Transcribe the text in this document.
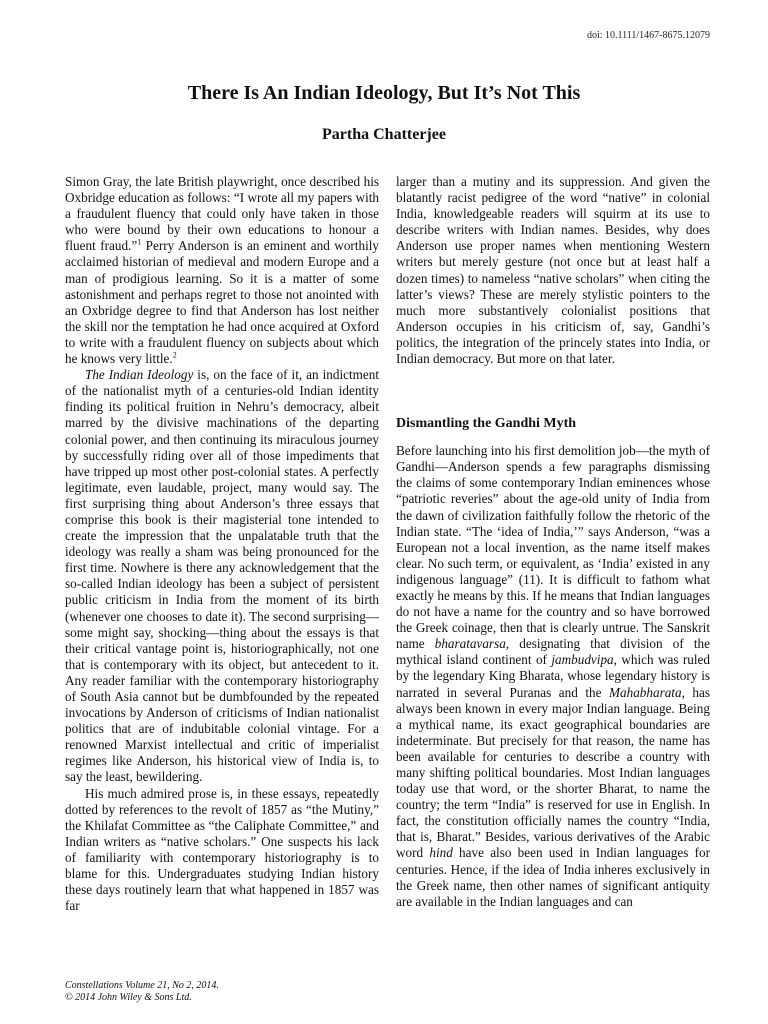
doi: 10.1111/1467-8675.12079
There Is An Indian Ideology, But It’s Not This
Partha Chatterjee

Simon Gray, the late British playwright, once described his Oxbridge education as follows: “I wrote all my papers with a fraudulent fluency that could only have taken in those who were bound by their own educations to honour a fluent fraud.”$^1$ Perry Anderson is an eminent and worthily acclaimed historian of medieval and modern Europe and a man of prodigious learning. So it is a matter of some astonishment and perhaps regret to those not anointed with an Oxbridge degree to find that Anderson has lost neither the skill nor the temptation he had once acquired at Oxford to write with a fraudulent fluency on subjects about which he knows very little.$^2$

The Indian Ideology is, on the face of it, an indictment of the nationalist myth of a centuries-old Indian identity finding its political fruition in Nehru’s democracy, albeit marred by the divisive machinations of the departing colonial power, and then continuing its miraculous journey by successfully riding over all of those impediments that have tripped up most other post-colonial states. A perfectly legitimate, even laudable, project, many would say. The first surprising thing about Anderson’s three essays that comprise this book is their magisterial tone intended to create the impression that the unpalatable truth that the ideology was really a sham was being pronounced for the first time. Nowhere is there any acknowledgement that the so-called Indian ideology has been a subject of persistent public criticism in India from the moment of its birth (whenever one chooses to date it). The second surprising—some might say, shocking—thing about the essays is that their critical vantage point is, historiographically, not one that is contemporary with its object, but antecedent to it. Any reader familiar with the contemporary historiography of South Asia cannot but be dumbfounded by the repeated invocations by Anderson of criticisms of Indian nationalist politics that are of indubitable colonial vintage. For a renowned Marxist intellectual and critic of imperialist regimes like Anderson, his historical view of India is, to say the least, bewildering.

His much admired prose is, in these essays, repeatedly dotted by references to the revolt of 1857 as “the Mutiny,” the Khilafat Committee as “the Caliphate Committee,” and Indian writers as “native scholars.” One suspects his lack of familiarity with contemporary historiography is to blame for this. Undergraduates studying Indian history these days routinely learn that what happened in 1857 was far

larger than a mutiny and its suppression. And given the blatantly racist pedigree of the word “native” in colonial India, knowledgeable readers will squirm at its use to describe writers with Indian names. Besides, why does Anderson use proper names when mentioning Western writers but merely gesture (not once but at least half a dozen times) to nameless “native scholars” when citing the latter’s views? These are merely stylistic pointers to the much more substantively colonialist positions that Anderson occupies in his criticism of, say, Gandhi’s politics, the integration of the princely states into India, or Indian democracy. But more on that later.

Dismantling the Gandhi Myth

Before launching into his first demolition job—the myth of Gandhi—Anderson spends a few paragraphs dismissing the claims of some contemporary Indian eminences whose “patriotic reveries” about the age-old unity of India from the dawn of civilization faithfully follow the rhetoric of the Indian state. “The ‘idea of India,’” says Anderson, “was a European not a local invention, as the name itself makes clear. No such term, or equivalent, as ‘India’ existed in any indigenous language” (11). It is difficult to fathom what exactly he means by this. If he means that Indian languages do not have a name for the country and so have borrowed the Greek coinage, then that is clearly untrue. The Sanskrit name bharatavarsa, designating that division of the mythical island continent of jambudvipa, which was ruled by the legendary King Bharata, whose legendary history is narrated in several Puranas and the Mahabharata, has always been known in every major Indian language. Being a mythical name, its exact geographical boundaries are indeterminate. But precisely for that reason, the name has been available for centuries to describe a country with many shifting political boundaries. Most Indian languages today use that word, or the shorter Bharat, to name the country; the term “India” is reserved for use in English. In fact, the constitution officially names the country “India, that is, Bharat.” Besides, various derivatives of the Arabic word hind have also been used in Indian languages for centuries. Hence, if the idea of India inheres exclusively in the Greek name, then other names of significant antiquity are available in the Indian languages and can

Constellations Volume 21, No 2, 2014.
© 2014 John Wiley & Sons Ltd.
